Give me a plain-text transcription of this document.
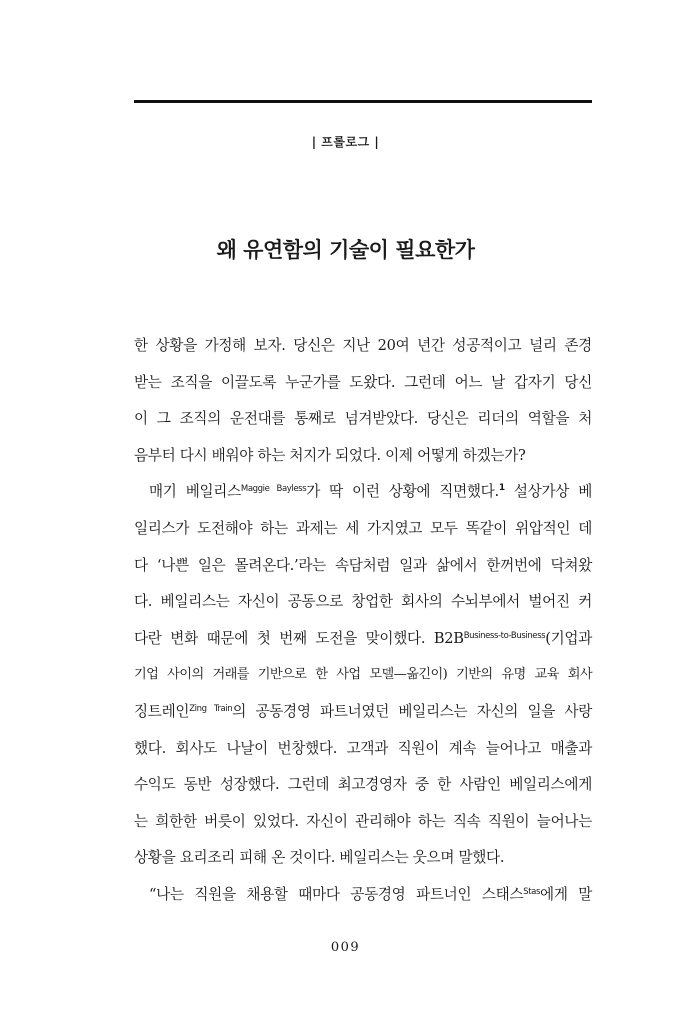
| 프롤로그 |
왜 유연함의 기술이 필요한가
한 상황을 가정해 보자. 당신은 지난 20여 년간 성공적이고 널리 존경
받는 조직을 이끌도록 누군가를 도왔다. 그런데 어느 날 갑자기 당신
이 그 조직의 운전대를 통째로 넘겨받았다. 당신은 리더의 역할을 처
음부터 다시 배워야 하는 처지가 되었다. 이제 어떻게 하겠는가?
매기 베일리스$^{Maggie Bayless}$가 딱 이런 상황에 직면했다.$^1$ 설상가상 베
일리스가 도전해야 하는 과제는 세 가지였고 모두 똑같이 위압적인 데
다 ‘나쁜 일은 몰려온다.’라는 속담처럼 일과 삶에서 한꺼번에 닥쳐왔
다. 베일리스는 자신이 공동으로 창업한 회사의 수뇌부에서 벌어진 커
다란 변화 때문에 첫 번째 도전을 맞이했다. $B2B^{Business-to-Business}$(기업과
기업 사이의 거래를 기반으로 한 사업 모델—옮긴이) 기반의 유명 교육 회사
징트레인$^{Zing Train}$의 공동경영 파트너였던 베일리스는 자신의 일을 사랑
했다. 회사도 나날이 번창했다. 고객과 직원이 계속 늘어나고 매출과
수익도 동반 성장했다. 그런데 최고경영자 중 한 사람인 베일리스에게
는 희한한 버릇이 있었다. 자신이 관리해야 하는 직속 직원이 늘어나는
상황을 요리조리 피해 온 것이다. 베일리스는 웃으며 말했다.
“나는 직원을 채용할 때마다 공동경영 파트너인 스태스$^{Stas}$에게 말
009
